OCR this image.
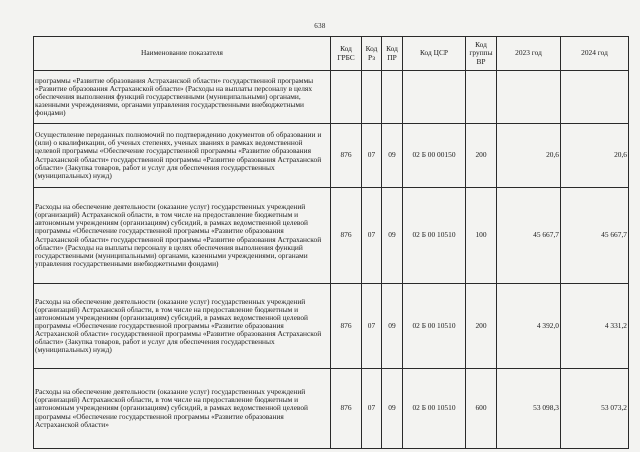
638
Наименование показателя	Код ГРБС	Код Рз	Код ПР	Код ЦСР	Код группы ВР	2023 год	2024 год
программы «Развитие образования Астраханской области» государственной программы «Развитие образования Астраханской области» (Расходы на выплаты персоналу в целях обеспечения выполнения функций государственными (муниципальными) органами, казенными учреждениями, органами управления государственными внебюджетными фондами)							
Осуществление переданных полномочий по подтверждению документов об образовании и (или) о квалификации, об ученых степенях, ученых званиях в рамках ведомственной целевой программы «Обеспечение государственной программы «Развитие образования Астраханской области» государственной программы «Развитие образования Астраханской области» (Закупка товаров, работ и услуг для обеспечения государственных (муниципальных) нужд)	876	07	09	02 Б 00 00150	200	20,6	20,6
Расходы на обеспечение деятельности (оказание услуг) государственных учреждений (организаций) Астраханской области, в том числе на предоставление бюджетным и автономным учреждениям (организациям) субсидий, в рамках ведомственной целевой программы «Обеспечение государственной программы «Развитие образования Астраханской области» государственной программы «Развитие образования Астраханской области» (Расходы на выплаты персоналу в целях обеспечения выполнения функций государственными (муниципальными) органами, казенными учреждениями, органами управления государственными внебюджетными фондами)	876	07	09	02 Б 00 10510	100	45 667,7	45 667,7
Расходы на обеспечение деятельности (оказание услуг) государственных учреждений (организаций) Астраханской области, в том числе на предоставление бюджетным и автономным учреждениям (организациям) субсидий, в рамках ведомственной целевой программы «Обеспечение государственной программы «Развитие образования Астраханской области» государственной программы «Развитие образования Астраханской области» (Закупка товаров, работ и услуг для обеспечения государственных (муниципальных) нужд)	876	07	09	02 Б 00 10510	200	4 392,0	4 331,2
Расходы на обеспечение деятельности (оказание услуг) государственных учреждений (организаций) Астраханской области, в том числе на предоставление бюджетным и автономным учреждениям (организациям) субсидий, в рамках ведомственной целевой программы «Обеспечение государственной программы «Развитие образования Астраханской области»	876	07	09	02 Б 00 10510	600	53 098,3	53 073,2
